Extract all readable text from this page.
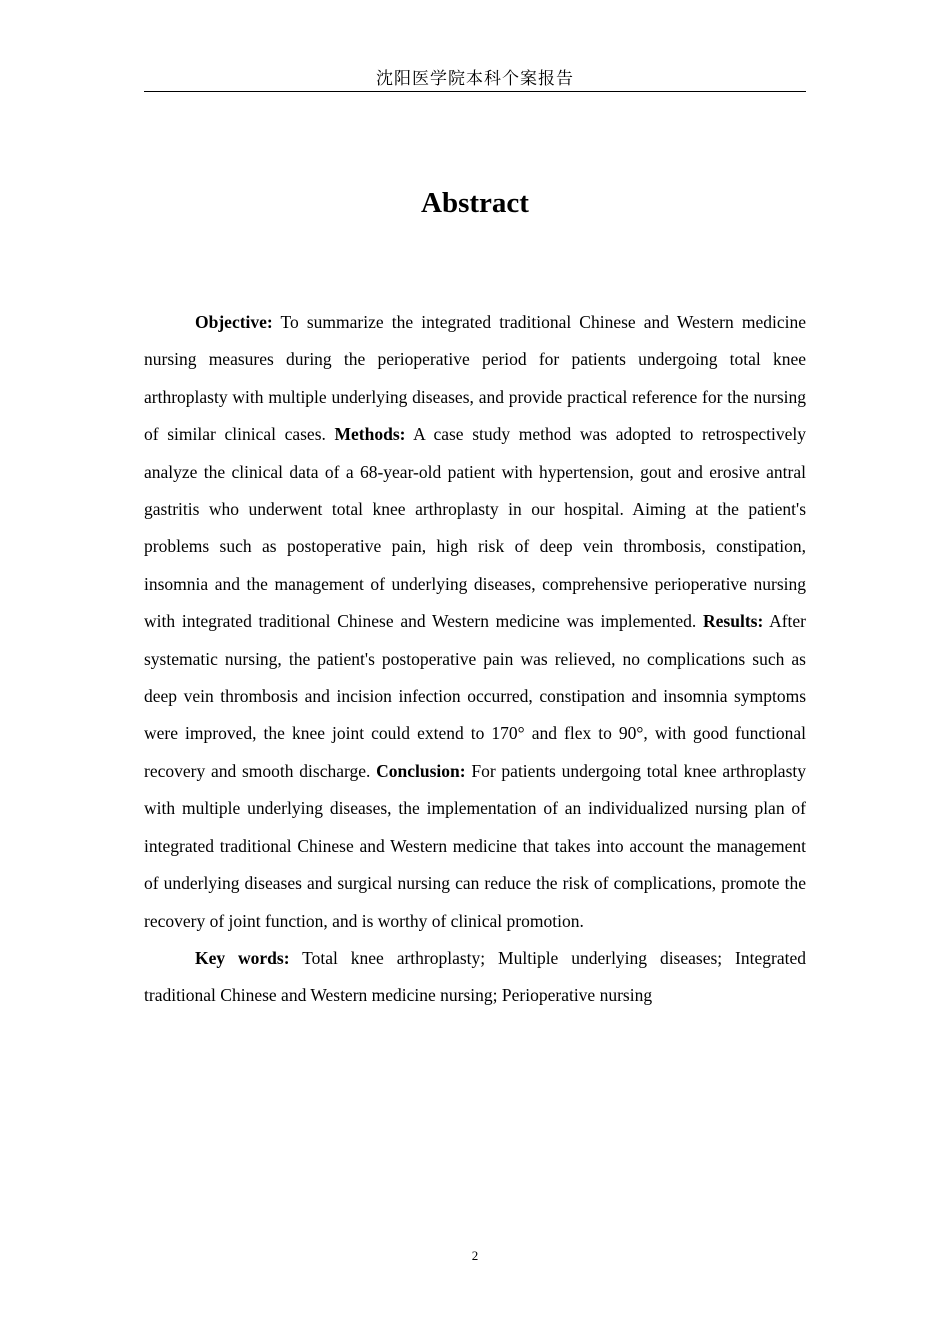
沈阳医学院本科个案报告
Abstract

Objective: To summarize the integrated traditional Chinese and Western medicine nursing measures during the perioperative period for patients undergoing total knee arthroplasty with multiple underlying diseases, and provide practical reference for the nursing of similar clinical cases. Methods: A case study method was adopted to retrospectively analyze the clinical data of a 68-year-old patient with hypertension, gout and erosive antral gastritis who underwent total knee arthroplasty in our hospital. Aiming at the patient's problems such as postoperative pain, high risk of deep vein thrombosis, constipation, insomnia and the management of underlying diseases, comprehensive perioperative nursing with integrated traditional Chinese and Western medicine was implemented. Results: After systematic nursing, the patient's postoperative pain was relieved, no complications such as deep vein thrombosis and incision infection occurred, constipation and insomnia symptoms were improved, the knee joint could extend to 170° and flex to 90°, with good functional recovery and smooth discharge. Conclusion: For patients undergoing total knee arthroplasty with multiple underlying diseases, the implementation of an individualized nursing plan of integrated traditional Chinese and Western medicine that takes into account the management of underlying diseases and surgical nursing can reduce the risk of complications, promote the recovery of joint function, and is worthy of clinical promotion.

Key words: Total knee arthroplasty; Multiple underlying diseases; Integrated traditional Chinese and Western medicine nursing; Perioperative nursing

2
